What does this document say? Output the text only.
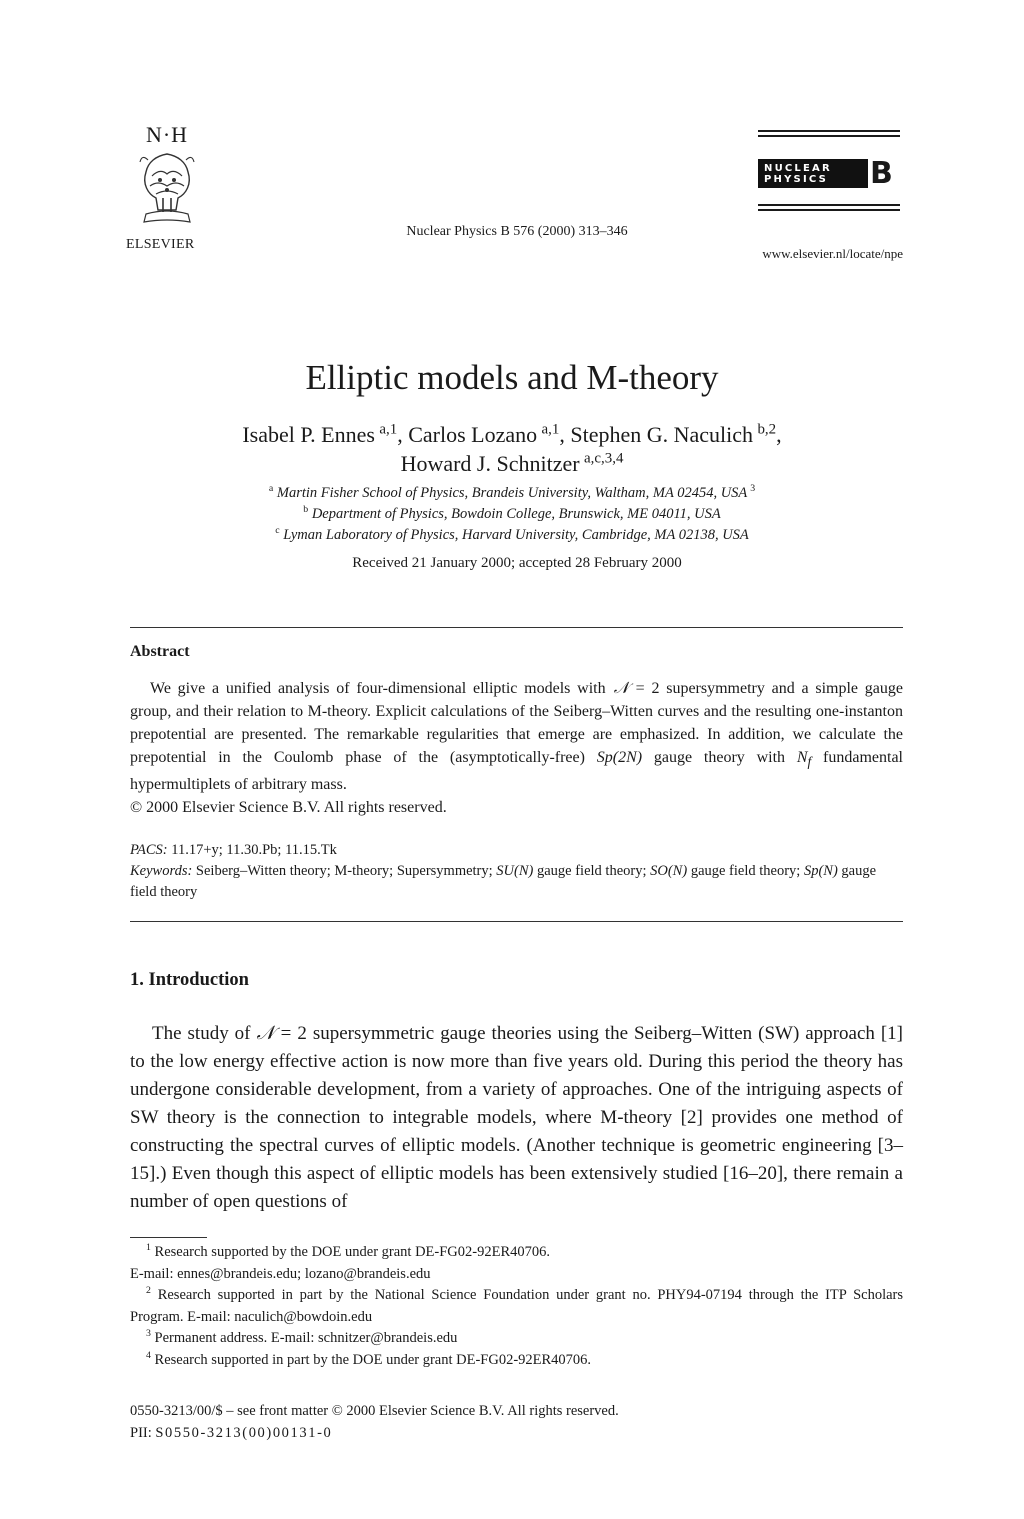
N·H
ELSEVIER
Nuclear Physics B 576 (2000) 313–346
NUCLEAR
PHYSICS	B
www.elsevier.nl/locate/npe
Elliptic models and M-theory
Isabel P. Ennes  $^{a,1}$, Carlos Lozano  $^{a,1}$, Stephen G. Naculich  $^{b,2}$,
Howard J. Schnitzer  $^{a,c,3,4}$
$^a$ Martin Fisher School of Physics, Brandeis University, Waltham, MA 02454, USA  $^3$
$^b$ Department of Physics, Bowdoin College, Brunswick, ME 04011, USA
$^c$ Lyman Laboratory of Physics, Harvard University, Cambridge, MA 02138, USA
Received 21 January 2000; accepted 28 February 2000
Abstract
We give a unified analysis of four-dimensional elliptic models with  𝒩 = 2 supersymmetry and a simple gauge group, and their relation to M-theory. Explicit calculations of the Seiberg–Witten curves and the resulting one-instanton prepotential are presented. The remarkable regularities that emerge are emphasized. In addition, we calculate the prepotential in the Coulomb phase of the (asymptotically-free) Sp(2N) gauge theory with $N_f$ fundamental hypermultiplets of arbitrary mass.
© 2000 Elsevier Science B.V. All rights reserved.
PACS: 11.17+y; 11.30.Pb; 11.15.Tk
Keywords: Seiberg–Witten theory; M-theory; Supersymmetry; SU(N) gauge field theory; SO(N) gauge field theory; Sp(N) gauge field theory
1. Introduction
The study of 𝒩 = 2 supersymmetric gauge theories using the Seiberg–Witten (SW) approach [1] to the low energy effective action is now more than five years old. During this period the theory has undergone considerable development, from a variety of approaches. One of the intriguing aspects of SW theory is the connection to integrable models, where M-theory [2] provides one method of constructing the spectral curves of elliptic models. (Another technique is geometric engineering [3–15].) Even though this aspect of elliptic models has been extensively studied [16–20], there remain a number of open questions of
$^1$ Research supported by the DOE under grant DE-FG02-92ER40706.
E-mail: ennes@brandeis.edu; lozano@brandeis.edu
$^2$ Research supported in part by the National Science Foundation under grant no. PHY94-07194 through the ITP Scholars Program. E-mail: naculich@bowdoin.edu
$^3$ Permanent address. E-mail: schnitzer@brandeis.edu
$^4$ Research supported in part by the DOE under grant DE-FG02-92ER40706.
0550-3213/00/$ – see front matter © 2000 Elsevier Science B.V. All rights reserved.
PII: S0550-3213(00)00131-0
